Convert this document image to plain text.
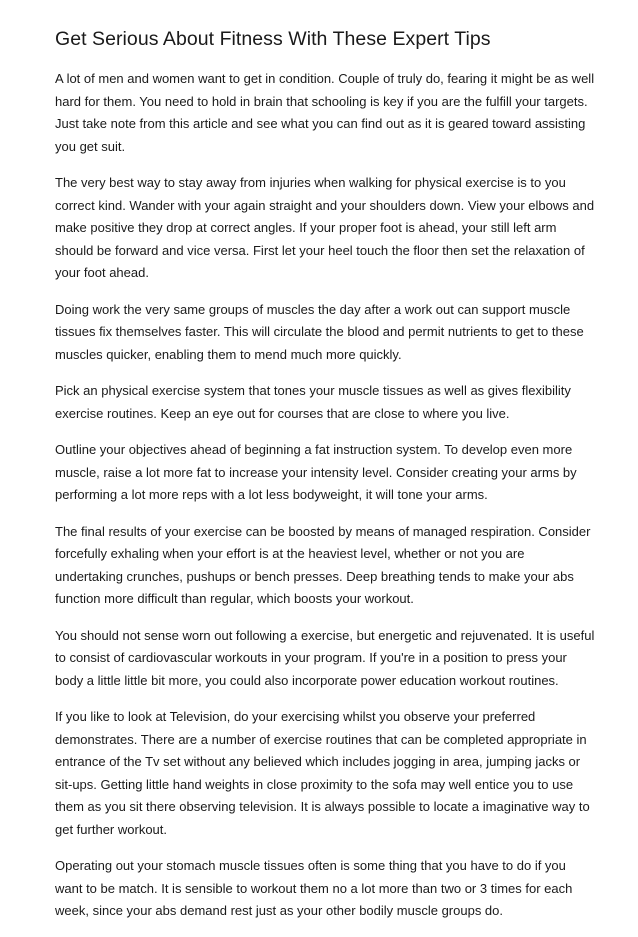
Get Serious About Fitness With These Expert Tips

A lot of men and women want to get in condition. Couple of truly do, fearing it might be as well hard for them. You need to hold in brain that schooling is key if you are the fulfill your targets. Just take note from this article and see what you can find out as it is geared toward assisting you get suit.

The very best way to stay away from injuries when walking for physical exercise is to you correct kind. Wander with your again straight and your shoulders down. View your elbows and make positive they drop at correct angles. If your proper foot is ahead, your still left arm should be forward and vice versa. First let your heel touch the floor then set the relaxation of your foot ahead.

Doing work the very same groups of muscles the day after a work out can support muscle tissues fix themselves faster. This will circulate the blood and permit nutrients to get to these muscles quicker, enabling them to mend much more quickly.

Pick an physical exercise system that tones your muscle tissues as well as gives flexibility exercise routines. Keep an eye out for courses that are close to where you live.

Outline your objectives ahead of beginning a fat instruction system. To develop even more muscle, raise a lot more fat to increase your intensity level. Consider creating your arms by performing a lot more reps with a lot less bodyweight, it will tone your arms.

The final results of your exercise can be boosted by means of managed respiration. Consider forcefully exhaling when your effort is at the heaviest level, whether or not you are undertaking crunches, pushups or bench presses. Deep breathing tends to make your abs function more difficult than regular, which boosts your workout.

You should not sense worn out following a exercise, but energetic and rejuvenated. It is useful to consist of cardiovascular workouts in your program. If you're in a position to press your body a little little bit more, you could also incorporate power education workout routines.

If you like to look at Television, do your exercising whilst you observe your preferred demonstrates. There are a number of exercise routines that can be completed appropriate in entrance of the Tv set without any believed which includes jogging in area, jumping jacks or sit-ups. Getting little hand weights in close proximity to the sofa may well entice you to use them as you sit there observing television. It is always possible to locate a imaginative way to get further workout.

Operating out your stomach muscle tissues often is some thing that you have to do if you want to be match. It is sensible to workout them no a lot more than two or 3 times for each week, since your abs demand rest just as your other bodily muscle groups do.
